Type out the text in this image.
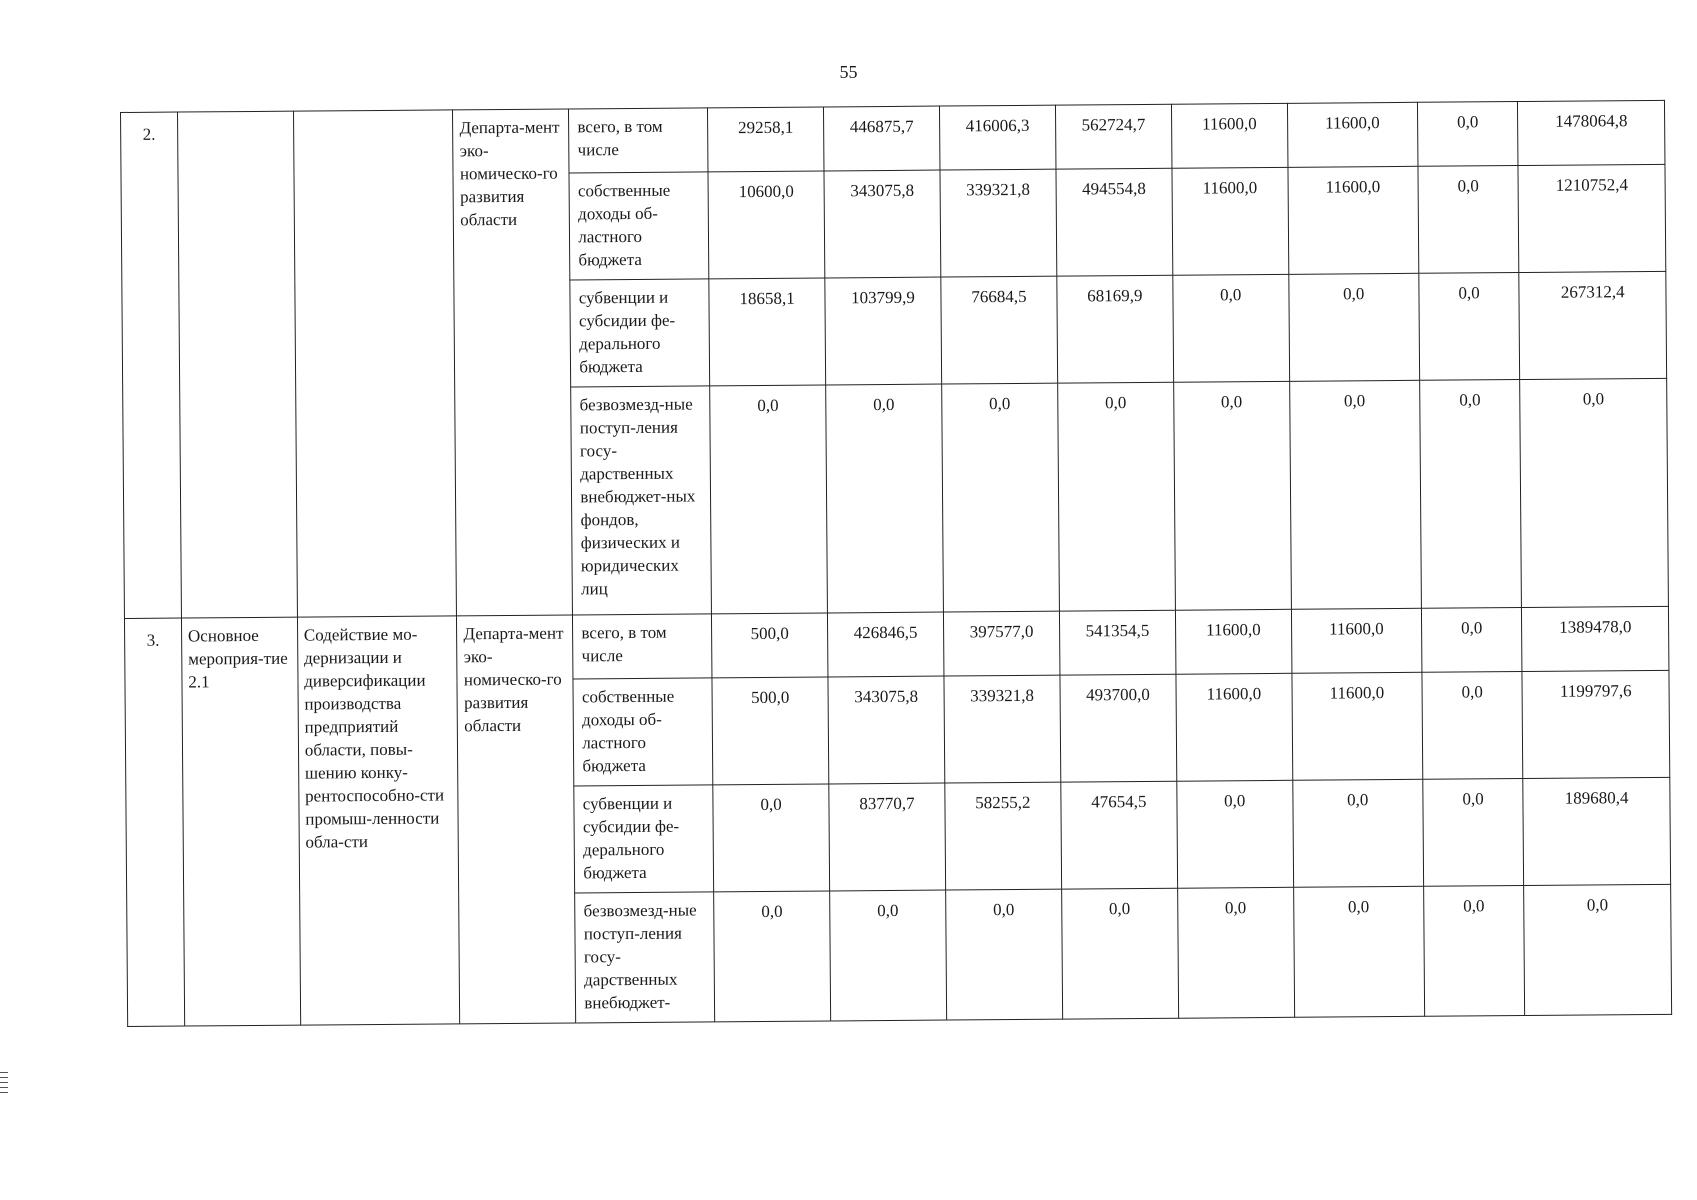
55
2.			Департа-мент эко-номическо-го развития области	всего, в том числе	29258,1	446875,7	416006,3	562724,7	11600,0	11600,0	0,0	1478064,8
				собственные доходы об-ластного бюджета	10600,0	343075,8	339321,8	494554,8	11600,0	11600,0	0,0	1210752,4
				субвенции и субсидии фе-дерального бюджета	18658,1	103799,9	76684,5	68169,9	0,0	0,0	0,0	267312,4
				безвозмезд-ные поступ-ления госу-дарственных внебюджет-ных фондов, физических и юридических лиц	0,0	0,0	0,0	0,0	0,0	0,0	0,0	0,0
3.	Основное мероприя-тие 2.1	Содействие мо-дернизации и диверсификации производства предприятий области, повы-шению конку-рентоспособно-сти промыш-ленности обла-сти	Департа-мент эко-номическо-го развития области	всего, в том числе	500,0	426846,5	397577,0	541354,5	11600,0	11600,0	0,0	1389478,0
				собственные доходы об-ластного бюджета	500,0	343075,8	339321,8	493700,0	11600,0	11600,0	0,0	1199797,6
				субвенции и субсидии фе-дерального бюджета	0,0	83770,7	58255,2	47654,5	0,0	0,0	0,0	189680,4
				безвозмезд-ные поступ-ления госу-дарственных внебюджет-	0,0	0,0	0,0	0,0	0,0	0,0	0,0	0,0
